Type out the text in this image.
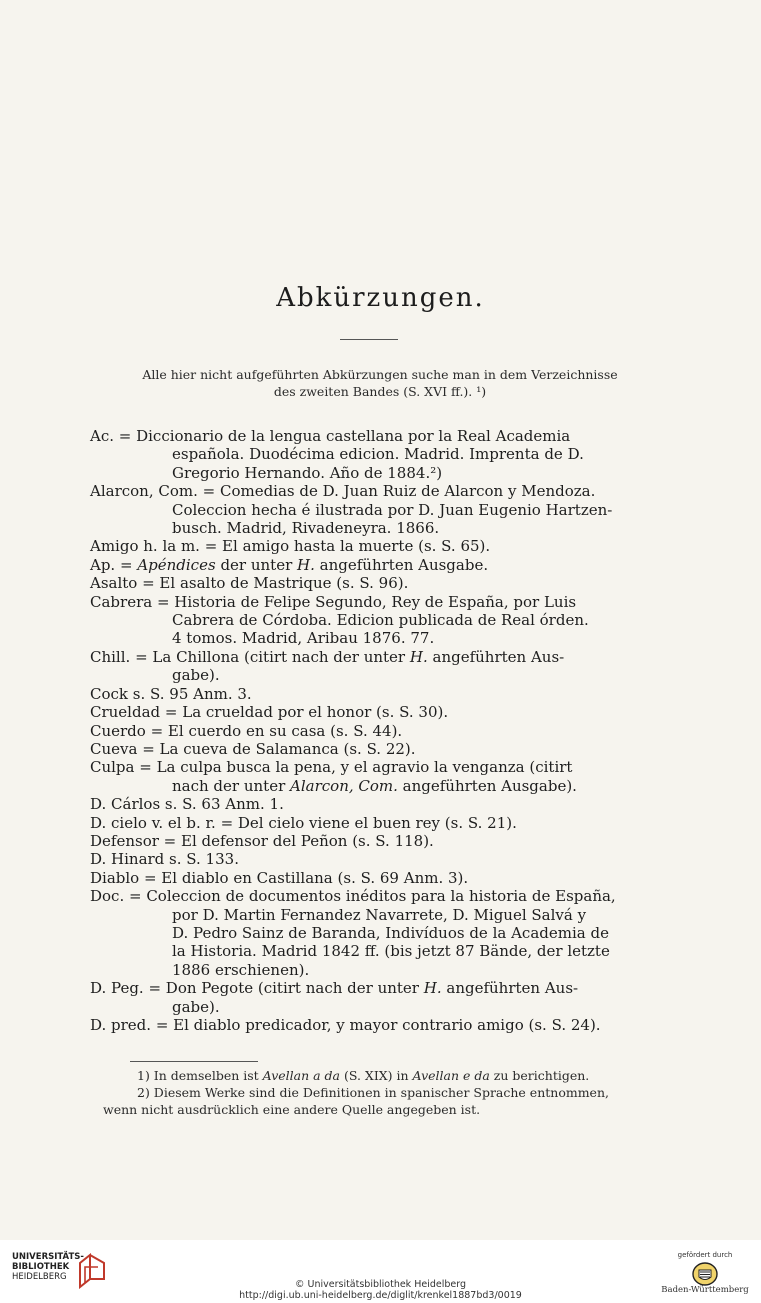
Abkürzungen.
Alle hier nicht aufgeführten Abkürzungen suche man in dem Verzeichnisse
des zweiten Bandes (S. XVI ff.). ¹)
Ac. = Diccionario de la lengua castellana por la Real Academia
española. Duodécima edicion. Madrid. Imprenta de D.
Gregorio Hernando. Año de 1884.²)
Alarcon, Com. = Comedias de D. Juan Ruiz de Alarcon y Mendoza.
Coleccion hecha é ilustrada por D. Juan Eugenio Hartzen-
busch. Madrid, Rivadeneyra. 1866.
Amigo h. la m. = El amigo hasta la muerte (s. S. 65).
Ap. = Apéndices der unter H. angeführten Ausgabe.
Asalto = El asalto de Mastrique (s. S. 96).
Cabrera = Historia de Felipe Segundo, Rey de España, por Luis
Cabrera de Córdoba. Edicion publicada de Real órden.
4 tomos. Madrid, Aribau 1876. 77.
Chill. = La Chillona (citirt nach der unter H. angeführten Aus-
gabe).
Cock s. S. 95 Anm. 3.
Crueldad = La crueldad por el honor (s. S. 30).
Cuerdo = El cuerdo en su casa (s. S. 44).
Cueva = La cueva de Salamanca (s. S. 22).
Culpa = La culpa busca la pena, y el agravio la venganza (citirt
nach der unter Alarcon, Com. angeführten Ausgabe).
D. Cárlos s. S. 63 Anm. 1.
D. cielo v. el b. r. = Del cielo viene el buen rey (s. S. 21).
Defensor = El defensor del Peñon (s. S. 118).
D. Hinard s. S. 133.
Diablo = El diablo en Castillana (s. S. 69 Anm. 3).
Doc. = Coleccion de documentos inéditos para la historia de España,
por D. Martin Fernandez Navarrete, D. Miguel Salvá y
D. Pedro Sainz de Baranda, Indivíduos de la Academia de
la Historia. Madrid 1842 ff. (bis jetzt 87 Bände, der letzte
1886 erschienen).
D. Peg. = Don Pegote (citirt nach der unter H. angeführten Aus-
gabe).
D. pred. = El diablo predicador, y mayor contrario amigo (s. S. 24).
1) In demselben ist Avellan a da (S. XIX) in Avellan e da zu berichtigen.
2) Diesem Werke sind die Definitionen in spanischer Sprache entnommen,
wenn nicht ausdrücklich eine andere Quelle angegeben ist.
UNIVERSITÄTS-
BIBLIOTHEK
HEIDELBERG
© Universitätsbibliothek Heidelberg
http://digi.ub.uni-heidelberg.de/diglit/krenkel1887bd3/0019
gefördert durch
Baden-Württemberg
